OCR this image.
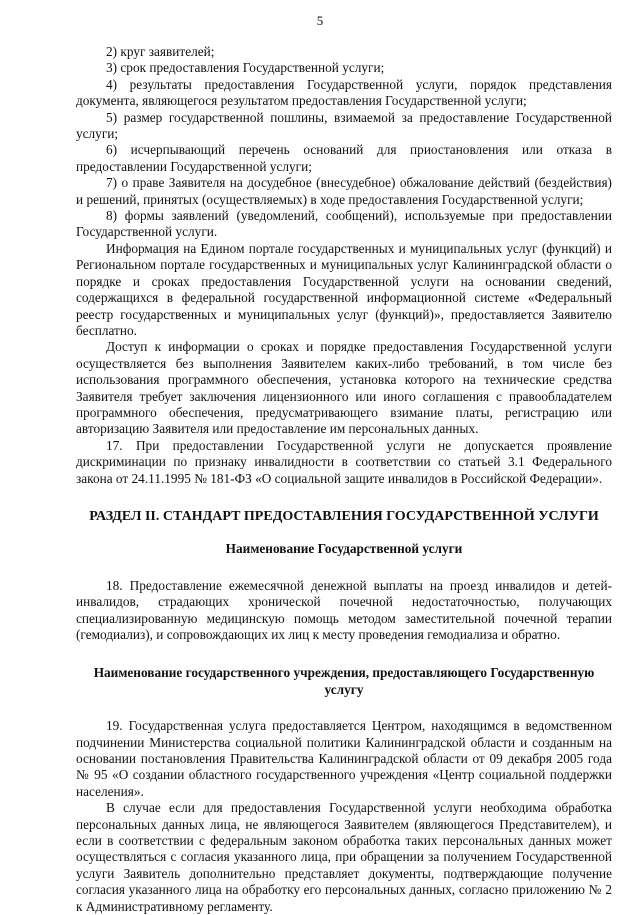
5

2) круг заявителей;

3) срок предоставления Государственной услуги;

4) результаты предоставления Государственной услуги, порядок представления документа, являющегося результатом предоставления Государственной услуги;

5) размер государственной пошлины, взимаемой за предоставление Государственной услуги;

6) исчерпывающий перечень оснований для приостановления или отказа в предоставлении Государственной услуги;

7) о праве Заявителя на досудебное (внесудебное) обжалование действий (бездействия) и решений, принятых (осуществляемых) в ходе предоставления Государственной услуги;

8) формы заявлений (уведомлений, сообщений), используемые при предоставлении Государственной услуги.

Информация на Едином портале государственных и муниципальных услуг (функций) и Региональном портале государственных и муниципальных услуг Калининградской области о порядке и сроках предоставления Государственной услуги на основании сведений, содержащихся в федеральной государственной информационной системе «Федеральный реестр государственных и муниципальных услуг (функций)», предоставляется Заявителю бесплатно.

Доступ к информации о сроках и порядке предоставления Государственной услуги осуществляется без выполнения Заявителем каких-либо требований, в том числе без использования программного обеспечения, установка которого на технические средства Заявителя требует заключения лицензионного или иного соглашения с правообладателем программного обеспечения, предусматривающего взимание платы, регистрацию или авторизацию Заявителя или предоставление им персональных данных.

17. При предоставлении Государственной услуги не допускается проявление дискриминации по признаку инвалидности в соответствии со статьей 3.1 Федерального закона от 24.11.1995 № 181-ФЗ «О социальной защите инвалидов в Российской Федерации».

РАЗДЕЛ II. СТАНДАРТ ПРЕДОСТАВЛЕНИЯ ГОСУДАРСТВЕННОЙ УСЛУГИ
Наименование Государственной услуги

18. Предоставление ежемесячной денежной выплаты на проезд инвалидов и детей-инвалидов, страдающих хронической почечной недостаточностью, получающих специализированную медицинскую помощь методом заместительной почечной терапии (гемодиализ), и сопровождающих их лиц к месту проведения гемодиализа и обратно.

Наименование государственного учреждения, предоставляющего Государственную услугу

19. Государственная услуга предоставляется Центром, находящимся в ведомственном подчинении Министерства социальной политики Калининградской области и созданным на основании постановления Правительства Калининградской области от 09 декабря 2005 года № 95 «О создании областного государственного учреждения «Центр социальной поддержки населения».

В случае если для предоставления Государственной услуги необходима обработка персональных данных лица, не являющегося Заявителем (являющегося Представителем), и если в соответствии с федеральным законом обработка таких персональных данных может осуществляться с согласия указанного лица, при обращении за получением Государственной услуги Заявитель дополнительно представляет документы, подтверждающие получение согласия указанного лица на обработку его персональных данных, согласно приложению № 2 к Административному регламенту.
